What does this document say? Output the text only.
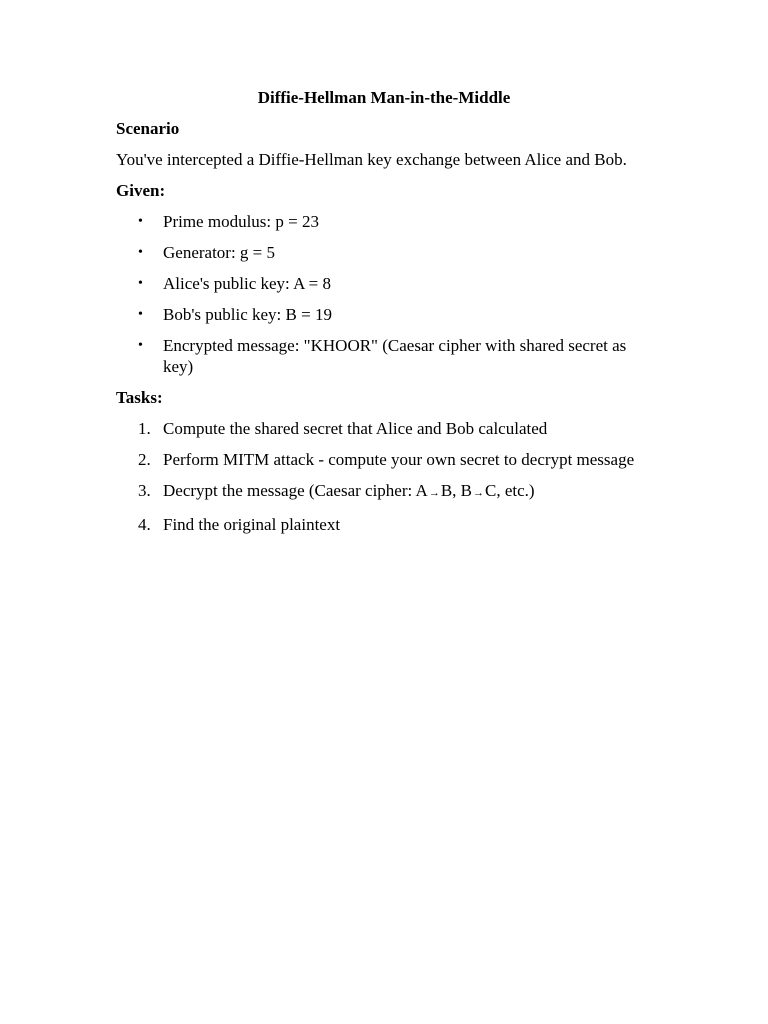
Diffie-Hellman Man-in-the-Middle
Scenario
You've intercepted a Diffie-Hellman key exchange between Alice and Bob.
Given:
• Prime modulus: p = 23
• Generator: g = 5
• Alice's public key: A = 8
• Bob's public key: B = 19
• Encrypted message: "KHOOR" (Caesar cipher with shared secret as key)
Tasks:
1. Compute the shared secret that Alice and Bob calculated
2. Perform MITM attack - compute your own secret to decrypt message
3. Decrypt the message (Caesar cipher: A→B, B→C, etc.)
4. Find the original plaintext
